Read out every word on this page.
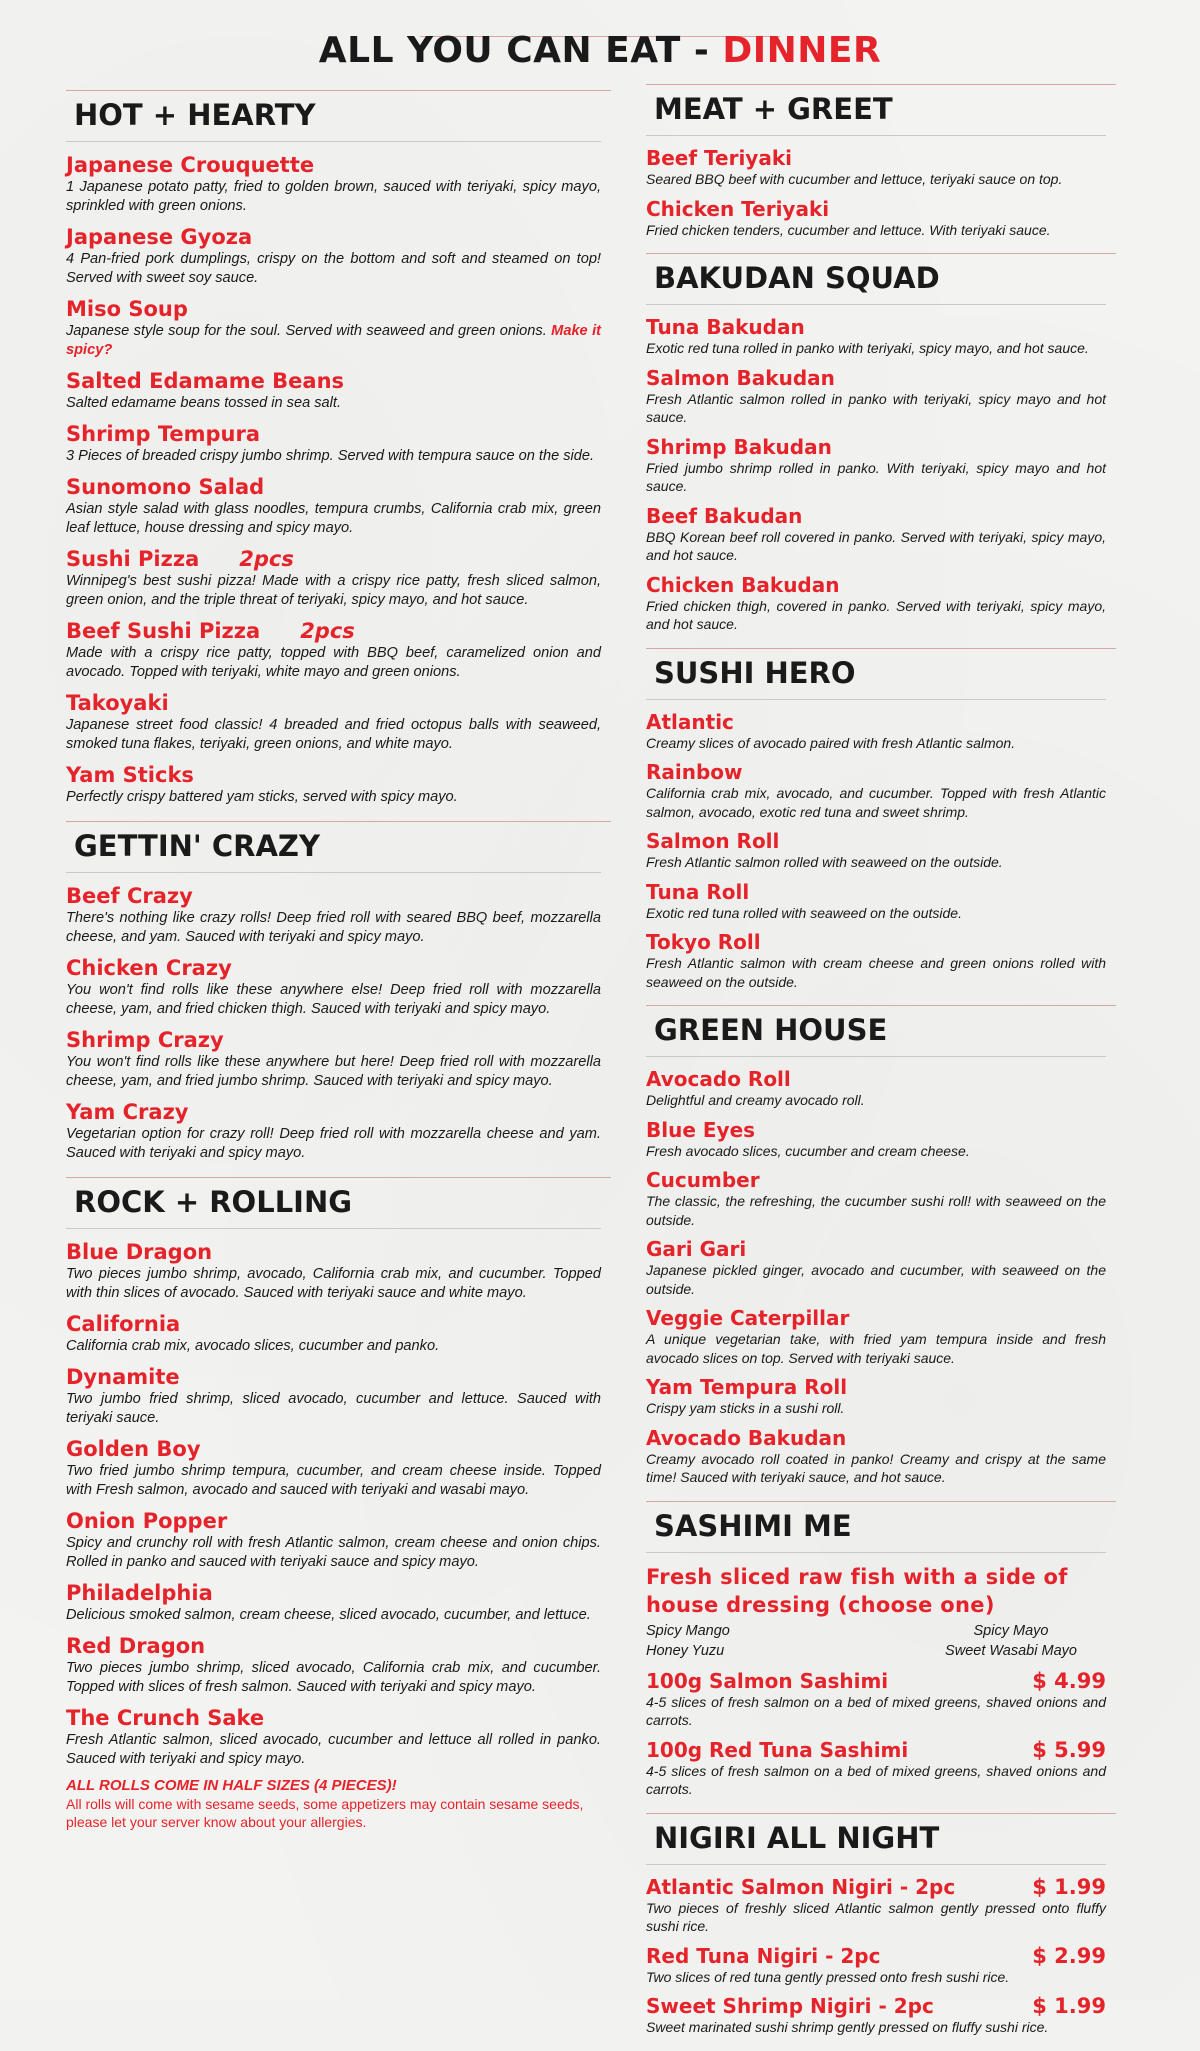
ALL YOU CAN EAT - DINNER
HOT + HEARTY
Japanese Crouquette
1 Japanese potato patty, fried to golden brown, sauced with teriyaki, spicy mayo, sprinkled with green onions.
Japanese Gyoza
4 Pan-fried pork dumplings, crispy on the bottom and soft and steamed on top! Served with sweet soy sauce.
Miso Soup
Japanese style soup for the soul. Served with seaweed and green onions. Make it spicy?
Salted Edamame Beans
Salted edamame beans tossed in sea salt.
Shrimp Tempura
3 Pieces of breaded crispy jumbo shrimp. Served with tempura sauce on the side.
Sunomono Salad
Asian style salad with glass noodles, tempura crumbs, California crab mix, green leaf lettuce, house dressing and spicy mayo.
Sushi Pizza 2pcs
Winnipeg's best sushi pizza! Made with a crispy rice patty, fresh sliced salmon, green onion, and the triple threat of teriyaki, spicy mayo, and hot sauce.
Beef Sushi Pizza 2pcs
Made with a crispy rice patty, topped with BBQ beef, caramelized onion and avocado. Topped with teriyaki, white mayo and green onions.
Takoyaki
Japanese street food classic! 4 breaded and fried octopus balls with seaweed, smoked tuna flakes, teriyaki, green onions, and white mayo.
Yam Sticks
Perfectly crispy battered yam sticks, served with spicy mayo.
GETTIN' CRAZY
Beef Crazy
There's nothing like crazy rolls! Deep fried roll with seared BBQ beef, mozzarella cheese, and yam. Sauced with teriyaki and spicy mayo.
Chicken Crazy
You won't find rolls like these anywhere else! Deep fried roll with mozzarella cheese, yam, and fried chicken thigh. Sauced with teriyaki and spicy mayo.
Shrimp Crazy
You won't find rolls like these anywhere but here! Deep fried roll with mozzarella cheese, yam, and fried jumbo shrimp. Sauced with teriyaki and spicy mayo.
Yam Crazy
Vegetarian option for crazy roll! Deep fried roll with mozzarella cheese and yam. Sauced with teriyaki and spicy mayo.
ROCK + ROLLING
Blue Dragon
Two pieces jumbo shrimp, avocado, California crab mix, and cucumber. Topped with thin slices of avocado. Sauced with teriyaki sauce and white mayo.
California
California crab mix, avocado slices, cucumber and panko.
Dynamite
Two jumbo fried shrimp, sliced avocado, cucumber and lettuce. Sauced with teriyaki sauce.
Golden Boy
Two fried jumbo shrimp tempura, cucumber, and cream cheese inside. Topped with Fresh salmon, avocado and sauced with teriyaki and wasabi mayo.
Onion Popper
Spicy and crunchy roll with fresh Atlantic salmon, cream cheese and onion chips. Rolled in panko and sauced with teriyaki sauce and spicy mayo.
Philadelphia
Delicious smoked salmon, cream cheese, sliced avocado, cucumber, and lettuce.
Red Dragon
Two pieces jumbo shrimp, sliced avocado, California crab mix, and cucumber. Topped with slices of fresh salmon. Sauced with teriyaki and spicy mayo.
The Crunch Sake
Fresh Atlantic salmon, sliced avocado, cucumber and lettuce all rolled in panko. Sauced with teriyaki and spicy mayo.
ALL ROLLS COME IN HALF SIZES (4 PIECES)!
All rolls will come with sesame seeds, some appetizers may contain sesame seeds, please let your server know about your allergies.
MEAT + GREET
Beef Teriyaki
Seared BBQ beef with cucumber and lettuce, teriyaki sauce on top.
Chicken Teriyaki
Fried chicken tenders, cucumber and lettuce. With teriyaki sauce.
BAKUDAN SQUAD
Tuna Bakudan
Exotic red tuna rolled in panko with teriyaki, spicy mayo, and hot sauce.
Salmon Bakudan
Fresh Atlantic salmon rolled in panko with teriyaki, spicy mayo and hot sauce.
Shrimp Bakudan
Fried jumbo shrimp rolled in panko. With teriyaki, spicy mayo and hot sauce.
Beef Bakudan
BBQ Korean beef roll covered in panko. Served with teriyaki, spicy mayo, and hot sauce.
Chicken Bakudan
Fried chicken thigh, covered in panko. Served with teriyaki, spicy mayo, and hot sauce.
SUSHI HERO
Atlantic
Creamy slices of avocado paired with fresh Atlantic salmon.
Rainbow
California crab mix, avocado, and cucumber. Topped with fresh Atlantic salmon, avocado, exotic red tuna and sweet shrimp.
Salmon Roll
Fresh Atlantic salmon rolled with seaweed on the outside.
Tuna Roll
Exotic red tuna rolled with seaweed on the outside.
Tokyo Roll
Fresh Atlantic salmon with cream cheese and green onions rolled with seaweed on the outside.
GREEN HOUSE
Avocado Roll
Delightful and creamy avocado roll.
Blue Eyes
Fresh avocado slices, cucumber and cream cheese.
Cucumber
The classic, the refreshing, the cucumber sushi roll! with seaweed on the outside.
Gari Gari
Japanese pickled ginger, avocado and cucumber, with seaweed on the outside.
Veggie Caterpillar
A unique vegetarian take, with fried yam tempura inside and fresh avocado slices on top. Served with teriyaki sauce.
Yam Tempura Roll
Crispy yam sticks in a sushi roll.
Avocado Bakudan
Creamy avocado roll coated in panko! Creamy and crispy at the same time! Sauced with teriyaki sauce, and hot sauce.
SASHIMI ME
Fresh sliced raw fish with a side of house dressing (choose one)
Spicy Mango	Spicy Mayo
Honey Yuzu	Sweet Wasabi Mayo
100g Salmon Sashimi	$ 4.99
4-5 slices of fresh salmon on a bed of mixed greens, shaved onions and carrots.
100g Red Tuna Sashimi	$ 5.99
4-5 slices of fresh salmon on a bed of mixed greens, shaved onions and carrots.
NIGIRI ALL NIGHT
Atlantic Salmon Nigiri - 2pc	$ 1.99
Two pieces of freshly sliced Atlantic salmon gently pressed onto fluffy sushi rice.
Red Tuna Nigiri - 2pc	$ 2.99
Two slices of red tuna gently pressed onto fresh sushi rice.
Sweet Shrimp Nigiri - 2pc	$ 1.99
Sweet marinated sushi shrimp gently pressed on fluffy sushi rice.
